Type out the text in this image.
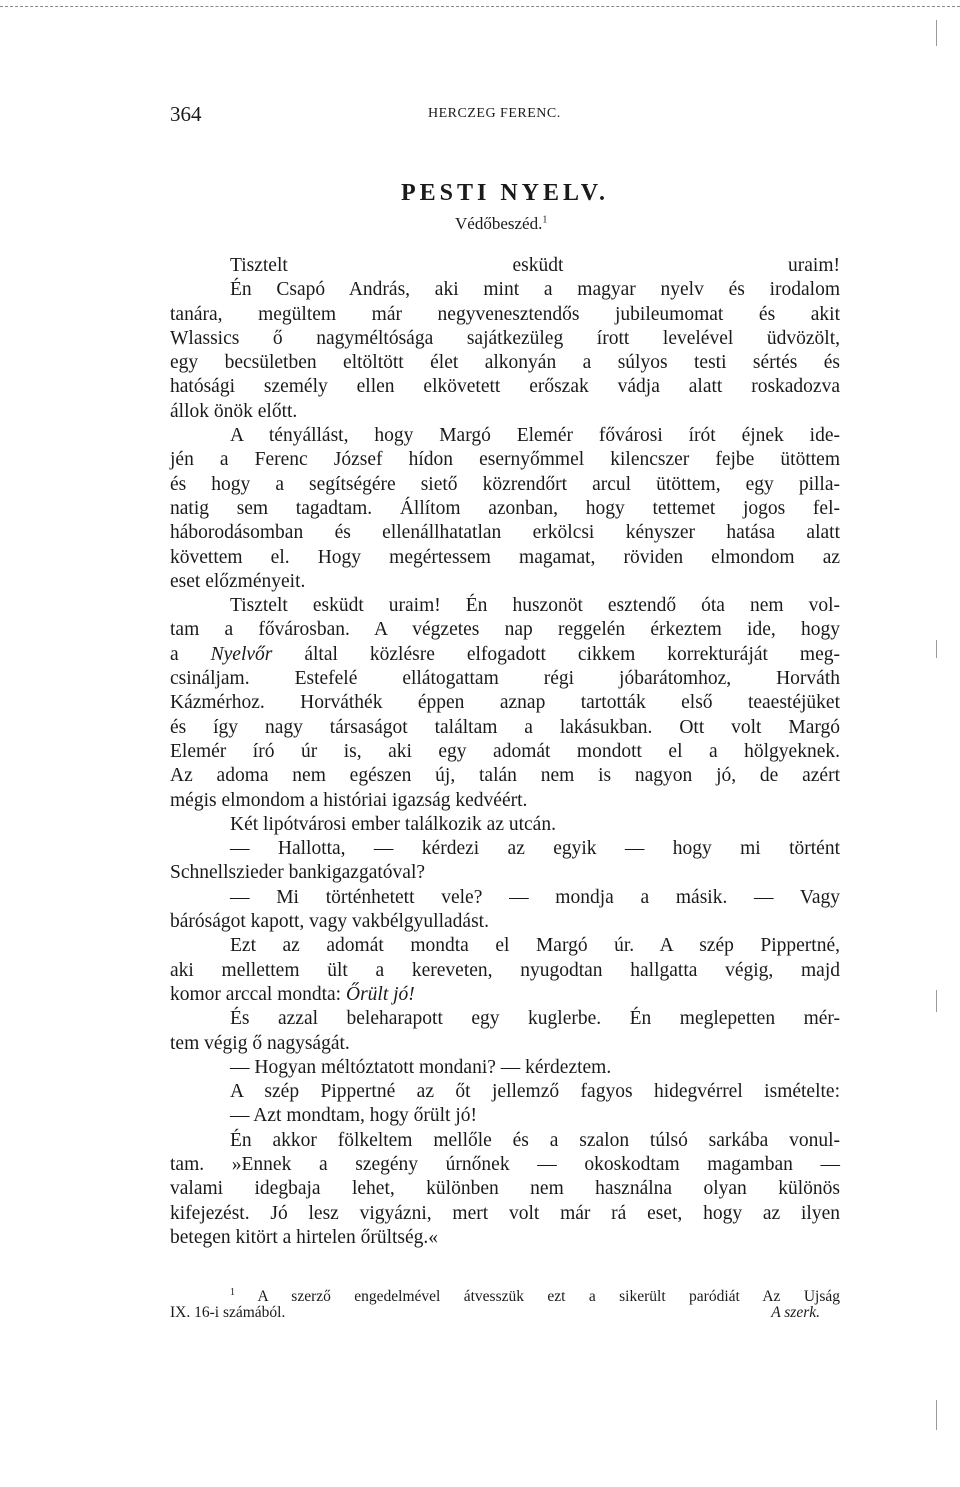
364	HERCZEG FERENC.
PESTI NYELV.
Védőbeszéd.$^1$
Tisztelt esküdt uraim!
Én Csapó András, aki mint a magyar nyelv és irodalom
tanára, megültem már negyvenesztendős jubileumomat és akit
Wlassics ő nagyméltósága sajátkezüleg írott levelével üdvözölt,
egy becsületben eltöltött élet alkonyán a súlyos testi sértés és
hatósági személy ellen elkövetett erőszak vádja alatt roskadozva
állok önök előtt.
A tényállást, hogy Margó Elemér fővárosi írót éjnek ide-
jén a Ferenc József hídon esernyőmmel kilencszer fejbe ütöttem
és hogy a segítségére siető közrendőrt arcul ütöttem, egy pilla-
natig sem tagadtam. Állítom azonban, hogy tettemet jogos fel-
háborodásomban és ellenállhatatlan erkölcsi kényszer hatása alatt
követtem el. Hogy megértessem magamat, röviden elmondom az
eset előzményeit.
Tisztelt esküdt uraim! Én huszonöt esztendő óta nem vol-
tam a fővárosban. A végzetes nap reggelén érkeztem ide, hogy
a Nyelvőr által közlésre elfogadott cikkem korrekturáját meg-
csináljam. Estefelé ellátogattam régi jóbarátomhoz, Horváth
Kázmérhoz. Horváthék éppen aznap tartották első teaestéjüket
és így nagy társaságot találtam a lakásukban. Ott volt Margó
Elemér író úr is, aki egy adomát mondott el a hölgyeknek.
Az adoma nem egészen új, talán nem is nagyon jó, de azért
mégis elmondom a históriai igazság kedvéért.
Két lipótvárosi ember találkozik az utcán.
— Hallotta, — kérdezi az egyik — hogy mi történt
Schnellszieder bankigazgatóval?
— Mi történhetett vele? — mondja a másik. — Vagy
báróságot kapott, vagy vakbélgyulladást.
Ezt az adomát mondta el Margó úr. A szép Pippertné,
aki mellettem ült a kereveten, nyugodtan hallgatta végig, majd
komor arccal mondta: Őrült jó!
És azzal beleharapott egy kuglerbe. Én meglepetten mér-
tem végig ő nagyságát.
— Hogyan méltóztatott mondani? — kérdeztem.
A szép Pippertné az őt jellemző fagyos hidegvérrel ismételte:
— Azt mondtam, hogy őrült jó!
Én akkor fölkeltem mellőle és a szalon túlsó sarkába vonul-
tam. »Ennek a szegény úrnőnek — okoskodtam magamban —
valami idegbaja lehet, különben nem használna olyan különös
kifejezést. Jó lesz vigyázni, mert volt már rá eset, hogy az ilyen
betegen kitört a hirtelen őrültség.«
$^1$ A szerző engedelmével átvesszük ezt a sikerült paródiát Az Ujság
IX. 16-i számából.	A szerk.
